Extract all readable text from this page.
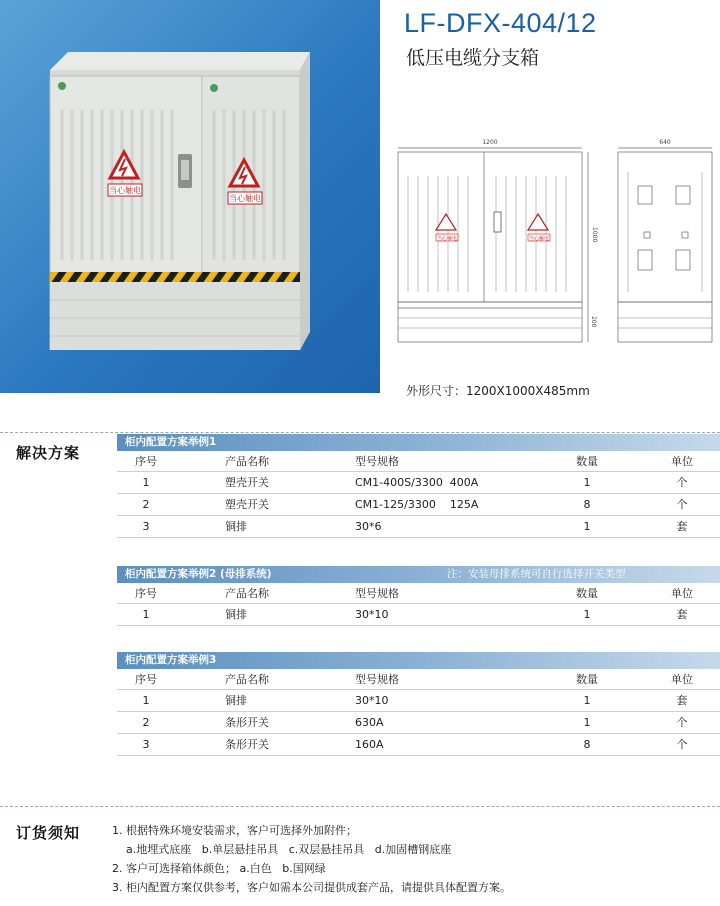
当心触电
当心触电
LF-DFX-404/12
低压电缆分支箱
当心触电	当心触电
1200
1000
200
640
外形尺寸：1200X1000X485mm
解决方案
柜内配置方案举例1
序号	产品名称	型号规格	数量	单位
1	塑壳开关	CM1-400S/3300  400A	1	个
2	塑壳开关	CM1-125/3300    125A	8	个
3	铜排	30*6	1	套
柜内配置方案举例2 (母排系统)	注：安装母排系统可自行选择开关类型
序号	产品名称	型号规格	数量	单位
1	铜排	30*10	1	套
柜内配置方案举例3
序号	产品名称	型号规格	数量	单位
1	铜排	30*10	1	套
2	条形开关	630A	1	个
3	条形开关	160A	8	个
订货须知	1. 根据特殊环境安装需求，客户可选择外加附件；
a.地埋式底座   b.单层悬挂吊具   c.双层悬挂吊具   d.加固槽钢底座
2. 客户可选择箱体颜色； a.白色   b.国网绿
3. 柜内配置方案仅供参考，客户如需本公司提供成套产品，请提供具体配置方案。
